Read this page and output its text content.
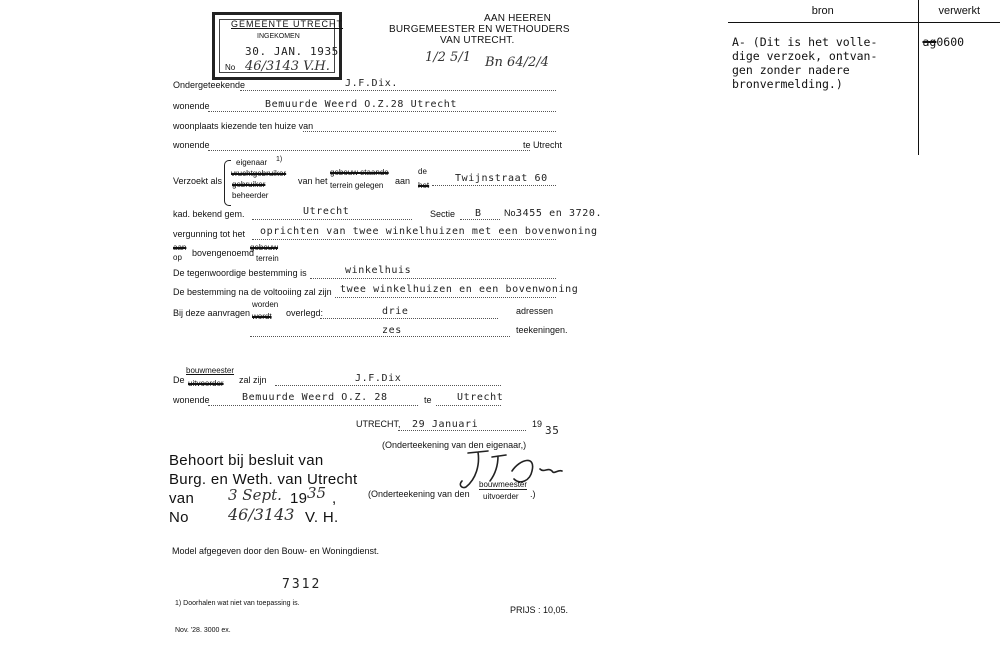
GEMEENTE UTRECHT
INGEKOMEN
30. JAN. 1935
No 46/3143 V.H.
AAN HEEREN
BURGEMEESTER EN WETHOUDERS
VAN UTRECHT.
1/2 5/1 Bn 64/2/4
Ondergeteekende	J.F.Dix.
wonende	Bemuurde Weerd O.Z.28 Utrecht
woonplaats kiezende ten huize van
wonende	te Utrecht
Verzoekt als
eigenaar 1)
vruchtgebruiker
gebruiker
beheerder
van het
gebouw staande
terrein gelegen aan
de
het
Twijnstraat 60
kad. bekend gem.	Utrecht	Sectie B No.
3455 en 3720.
vergunning tot het oprichten van twee winkelhuizen met een bovenwoning
aan
op bovengenoemd
gebouw
terrein
De tegenwoordige bestemming is	winkelhuis
De bestemming na de voltooiing zal zijn twee winkelhuizen en een bovenwoning
Bij deze aanvragen
worden
wordt overlegd:	drie	adressen
zes	teekeningen.
De
bouwmeester
uitvoerder zal zijn	J.F.Dix
wonende	Bemuurde Weerd O.Z. 28	te	Utrecht
UTRECHT, 29 Januari	19 35
(Onderteekening van den eigenaar,)
(Onderteekening van den
bouwmeester
uitvoerder .)
Behoort bij besluit van
Burg. en Weth. van Utrecht
van 3 Sept. 19 35 ,
No 46/3143 V. H.
Model afgegeven door den Bouw- en Woningdienst.
7312
1) Doorhalen wat niet van toepassing is.
PRIJS : 10,05.
Nov. '28. 3000 ex.
bron	verwerkt
A- (Dit is het volle-
dige verzoek, ontvan-
gen zonder nadere
bronvermelding.)	ag0600
